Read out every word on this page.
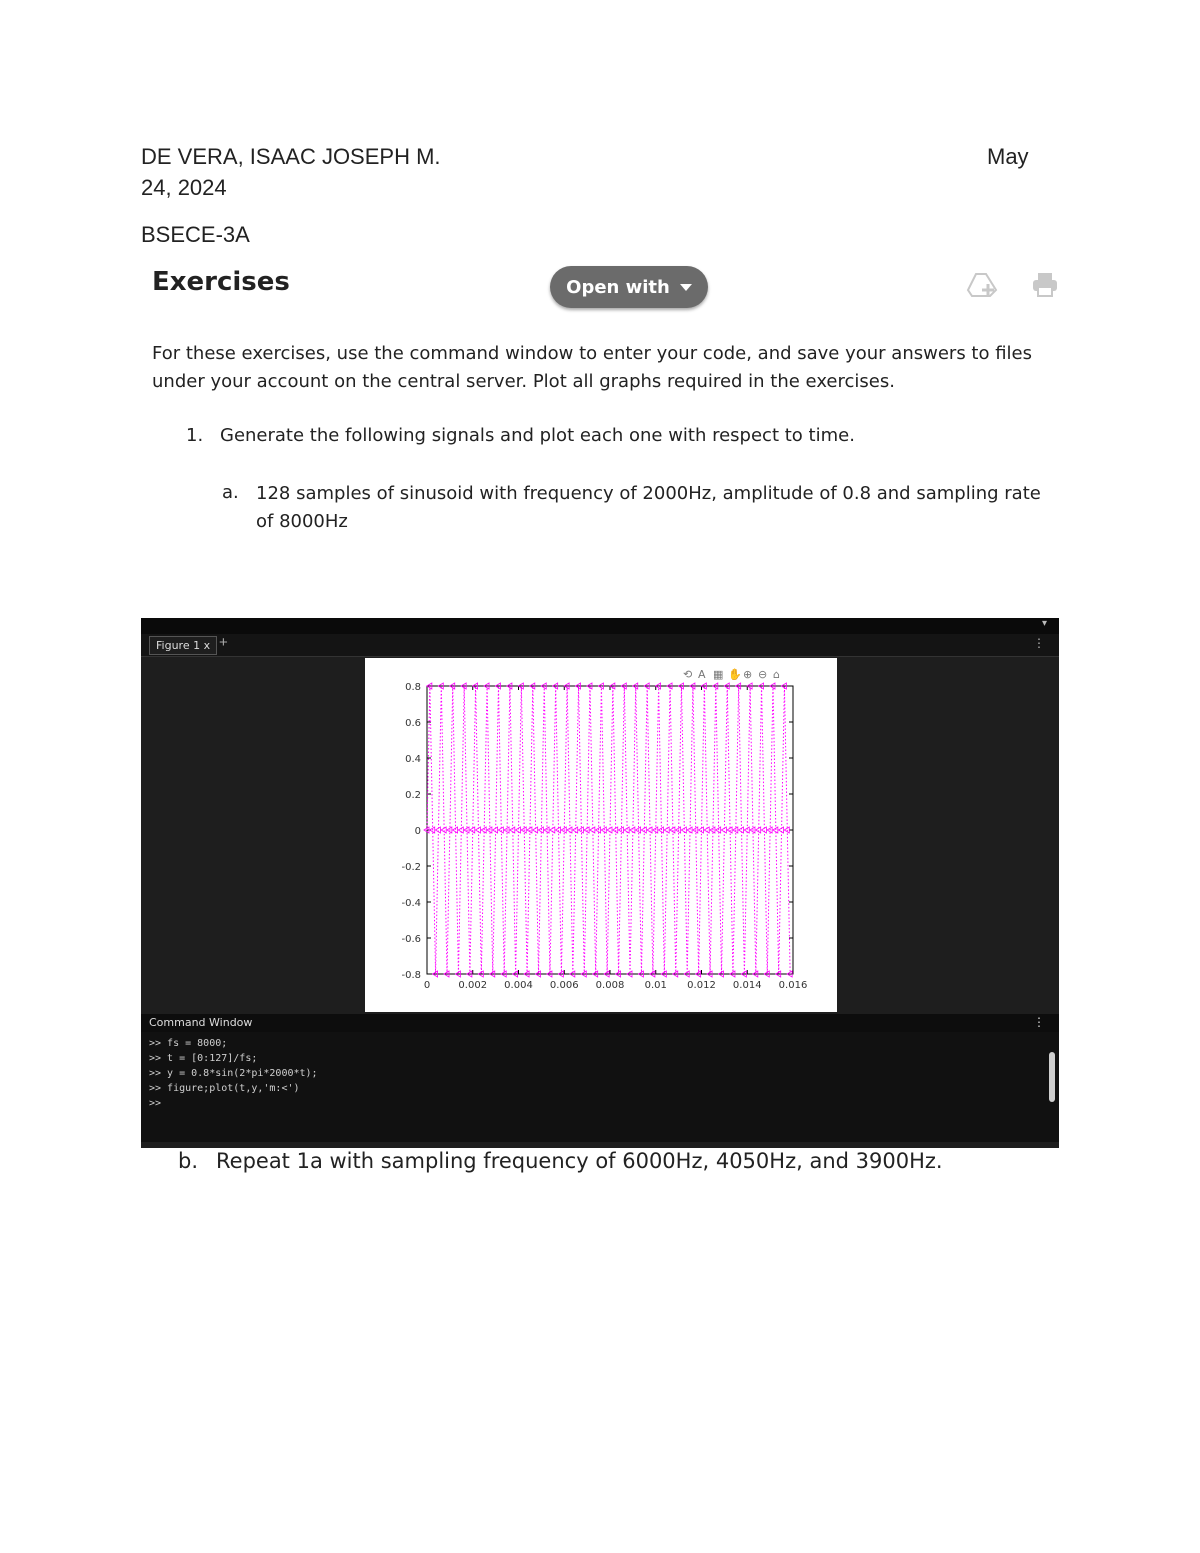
DE VERA, ISAAC JOSEPH M.	May
24, 2024
BSECE-3A
Exercises	Open with
For these exercises, use the command window to enter your code, and save your answers to files under your account on the central server. Plot all graphs required in the exercises.
1. Generate the following signals and plot each one with respect to time.
a. 128 samples of sinusoid with frequency of 2000Hz, amplitude of 0.8 and sampling rate of 8000Hz
▾
Figure 1 x +	⋮
0.8
0.6
0.4
0.2
0
-0.2
-0.4
-0.6
-0.8
0	0.002 0.004 0.006 0.008 0.01 0.012 0.014 0.016
⟲ A ▦ ✋ ⊕ ⊖ ⌂
Command Window	⋮
>> fs = 8000;
>> t = [0:127]/fs;
>> y = 0.8*sin(2*pi*2000*t);
>> figure;plot(t,y,'m:<')
>>
b. Repeat 1a with sampling frequency of 6000Hz, 4050Hz, and 3900Hz.
